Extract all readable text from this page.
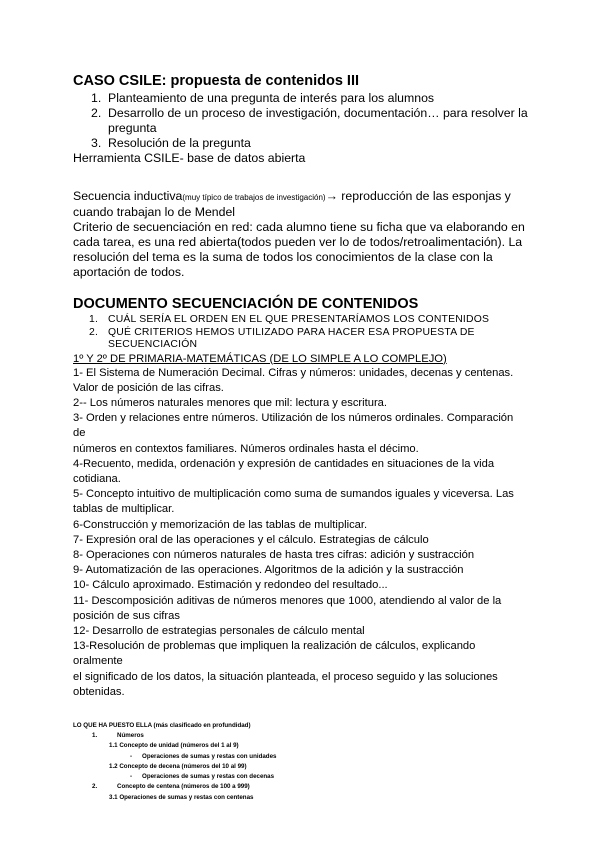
CASO CSILE: propuesta de contenidos III

1. Planteamiento de una pregunta de interés para los alumnos
2. Desarrollo de un proceso de investigación, documentación… para resolver la
pregunta
3. Resolución de la pregunta

Herramienta CSILE- base de datos abierta

Secuencia inductiva(muy típico de trabajos de investigación)→ reproducción de las esponjas y

cuando trabajan lo de Mendel

Criterio de secuenciación en red: cada alumno tiene su ficha que va elaborando en

cada tarea, es una red abierta(todos pueden ver lo de todos/retroalimentación). La

resolución del tema es la suma de todos los conocimientos de la clase con la

aportación de todos.

DOCUMENTO SECUENCIACIÓN DE CONTENIDOS

1. CUÁL SERÍA EL ORDEN EN EL QUE PRESENTARÍAMOS LOS CONTENIDOS
2. QUÉ CRITERIOS HEMOS UTILIZADO PARA HACER ESA PROPUESTA DE
SECUENCIACIÓN

1º Y 2º DE PRIMARIA-MATEMÁTICAS (DE LO SIMPLE A LO COMPLEJO)

1- El Sistema de Numeración Decimal. Cifras y números: unidades, decenas y centenas.

Valor de posición de las cifras.

2-- Los números naturales menores que mil: lectura y escritura.

3- Orden y relaciones entre números. Utilización de los números ordinales. Comparación de

números en contextos familiares. Números ordinales hasta el décimo.

4-Recuento, medida, ordenación y expresión de cantidades en situaciones de la vida

cotidiana.

5- Concepto intuitivo de multiplicación como suma de sumandos iguales y viceversa. Las

tablas de multiplicar.

6-Construcción y memorización de las tablas de multiplicar.

7- Expresión oral de las operaciones y el cálculo. Estrategias de cálculo

8- Operaciones con números naturales de hasta tres cifras: adición y sustracción

9- Automatización de las operaciones. Algoritmos de la adición y la sustracción

10- Cálculo aproximado. Estimación y redondeo del resultado...

11- Descomposición aditivas de números menores que 1000, atendiendo al valor de la

posición de sus cifras

12- Desarrollo de estrategias personales de cálculo mental

13-Resolución de problemas que impliquen la realización de cálculos, explicando oralmente

el significado de los datos, la situación planteada, el proceso seguido y las soluciones

obtenidas.

LO QUE HA PUESTO ELLA (más clasificado en profundidad)

1.	Números

1.1 Concepto de unidad (números del 1 al 9)

- Operaciones de sumas y restas con unidades

1.2 Concepto de decena (números del 10 al 99)

- Operaciones de sumas y restas con decenas

2.	Concepto de centena (números de 100 a 999)

3.1 Operaciones de sumas y restas con centenas
